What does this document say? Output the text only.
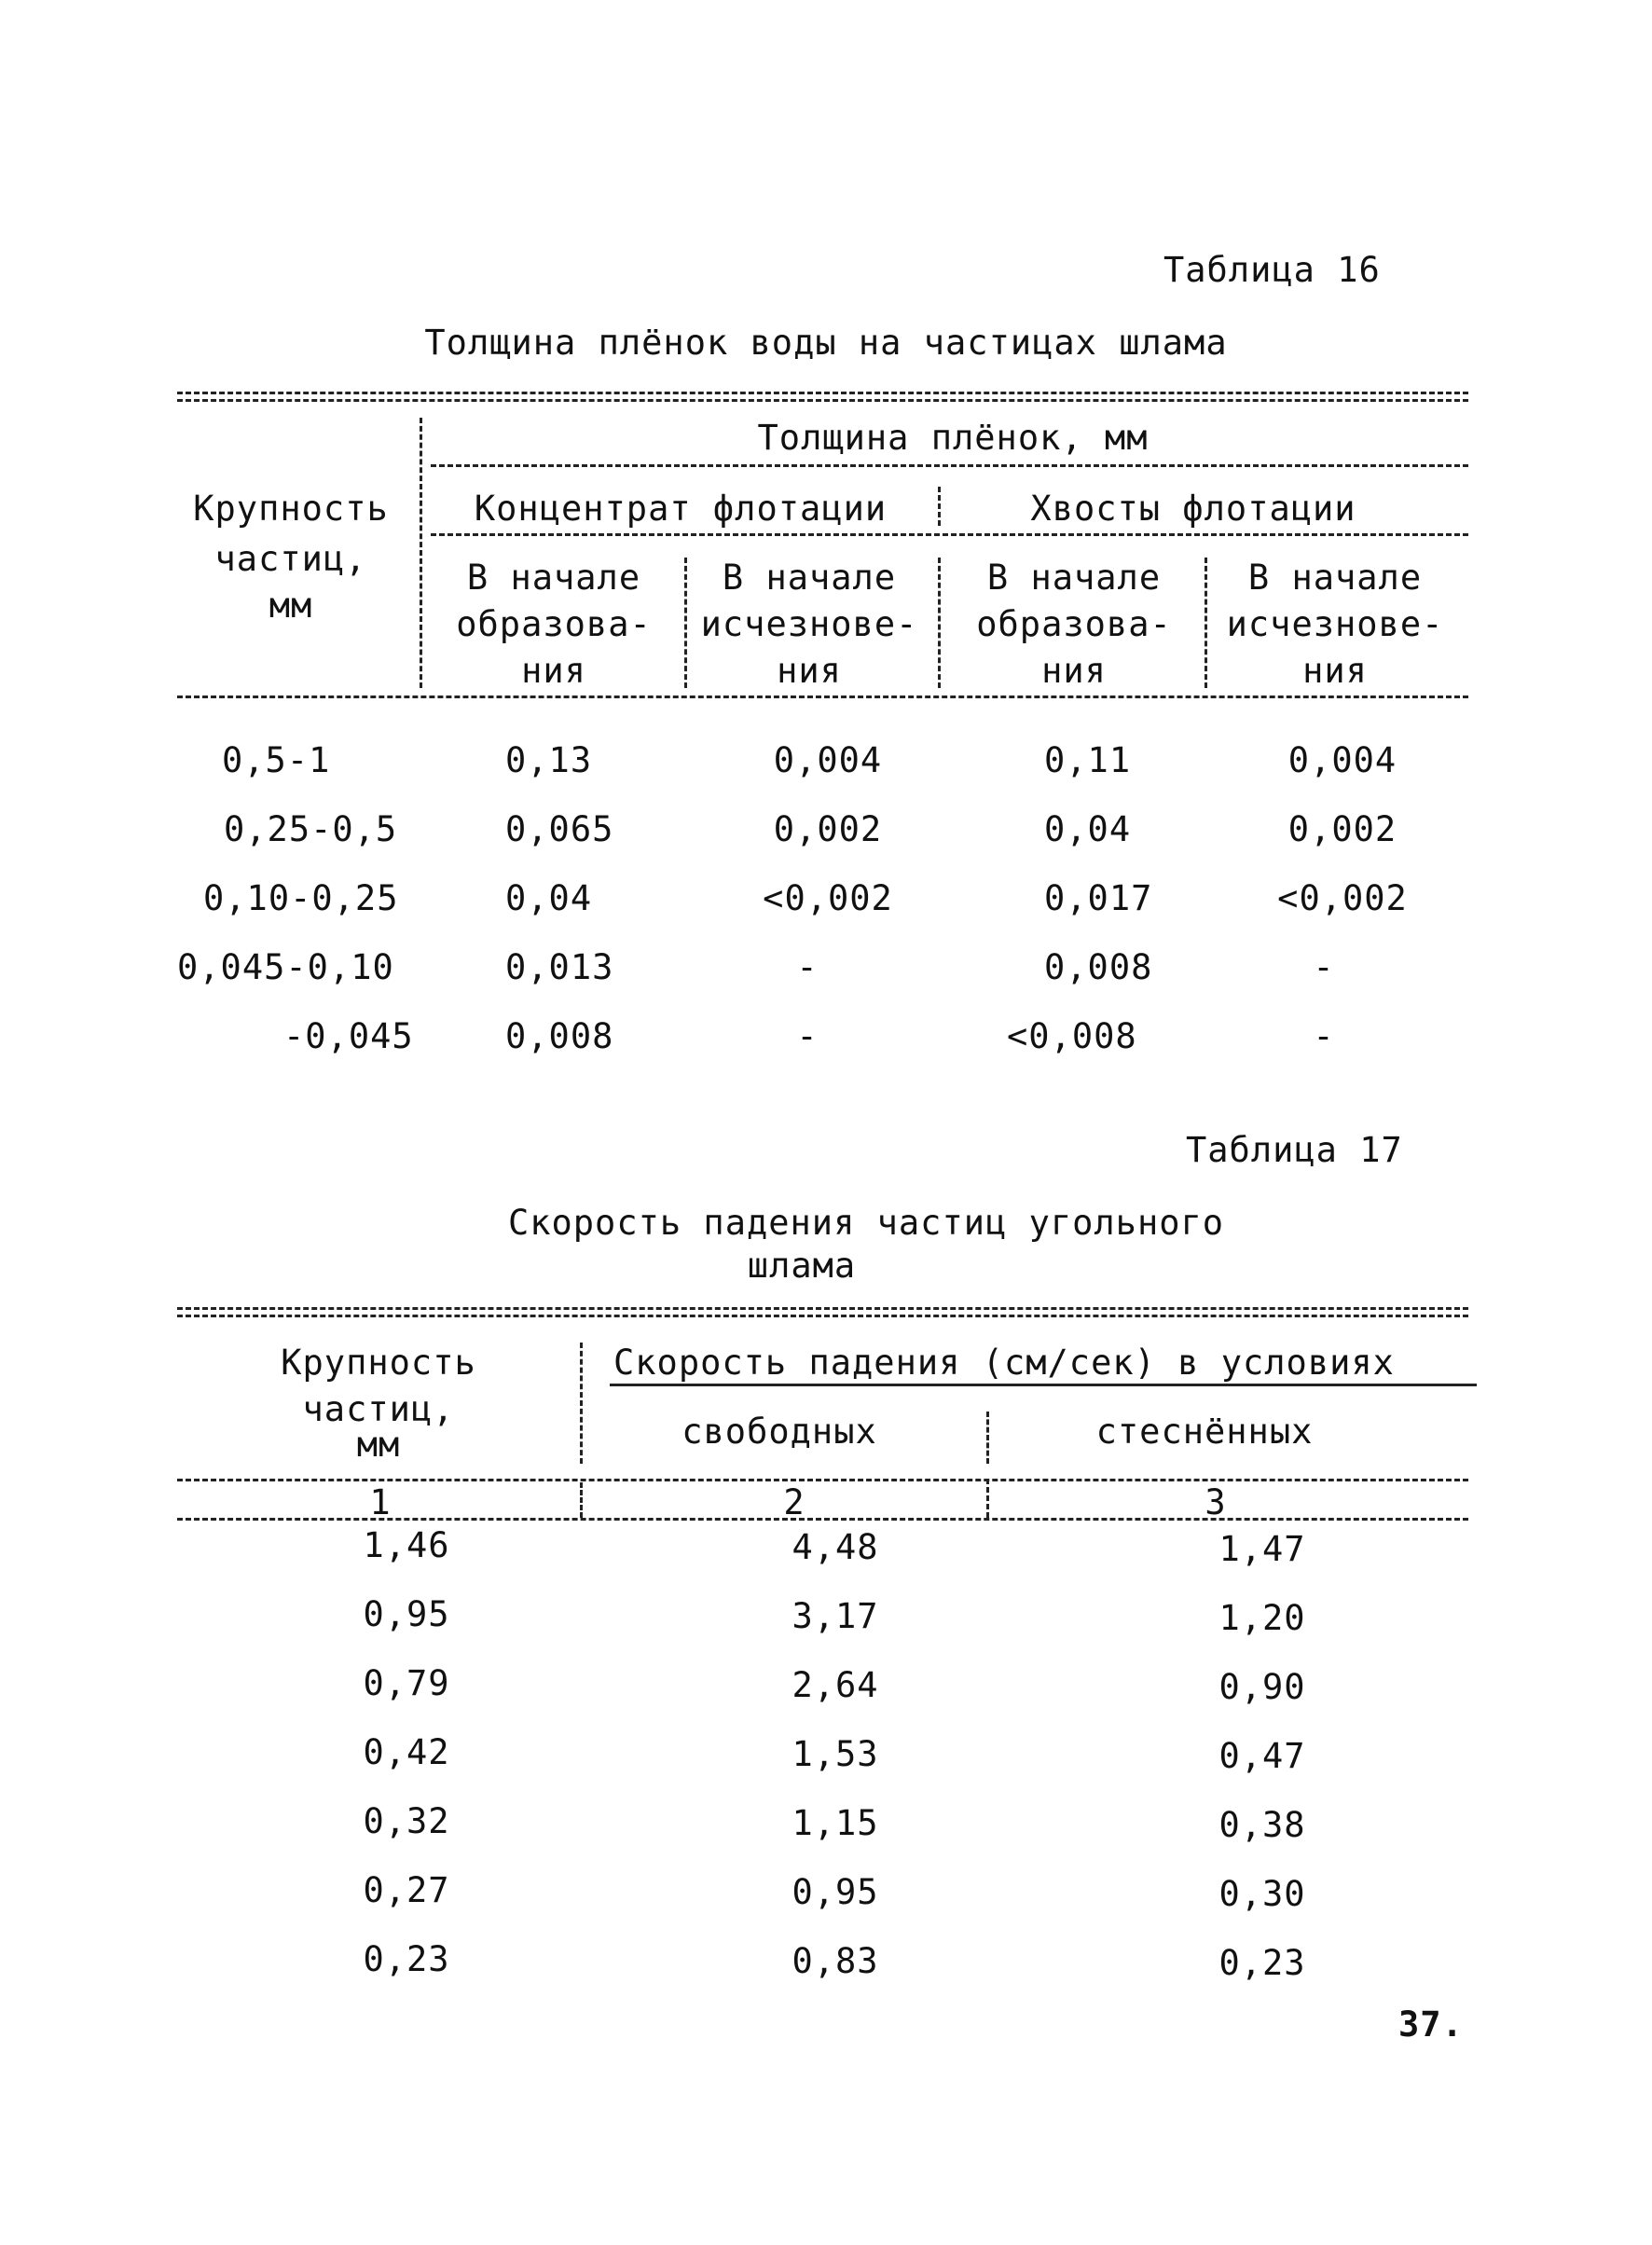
Таблица 16
Толщина плёнок воды на частицах шлама
Толщина плёнок, мм
Крупность
частиц,
мм
Концентрат флотации	Хвосты флотации
В начале
образова-
ния
В начале
исчезнове-
ния
В начале
образова-
ния
В начале
исчезнове-
ния
0,5-1	0,13	0,004	0,11	0,004
0,25-0,5	0,065	0,002	0,04	0,002
0,10-0,25	0,04	<0,002	0,017	<0,002
0,045-0,10	0,013	-	0,008	-
-0,045	0,008	-	<0,008	-
Таблица 17
Скорость падения частиц угольного
шлама
Крупность
частиц,
мм
Скорость падения (см/сек) в условиях
свободных	стеснённых
1	2	3
1,46	4,48	1,47
0,95	3,17	1,20
0,79	2,64	0,90
0,42	1,53	0,47
0,32	1,15	0,38
0,27	0,95	0,30
0,23	0,83	0,23
37.
